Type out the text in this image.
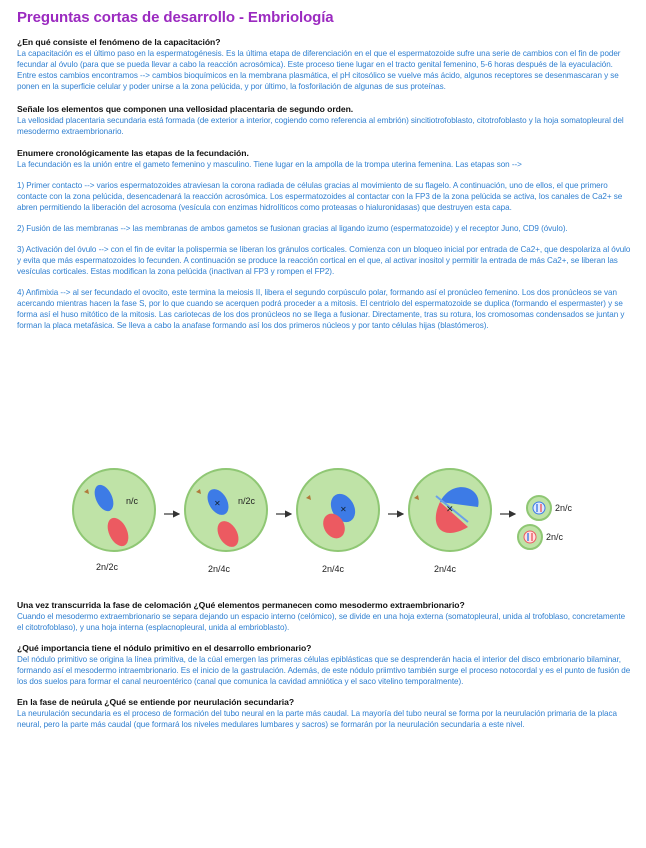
Preguntas cortas de desarrollo - Embriología

¿En qué consiste el fenómeno de la capacitación?

La capacitación es el último paso en la espermatogénesis. Es la última etapa de diferenciación en el que el espermatozoide sufre una serie de cambios con el fin de poder fecundar al óvulo (para que se pueda llevar a cabo la reacción acrosómica). Este proceso tiene lugar en el tracto genital femenino, 5-6 horas después de la eyaculación. Entre estos cambios encontramos --> cambios bioquímicos en la membrana plasmática, el pH citosólico se vuelve más ácido, algunos receptores se desenmascaran y se ponen en la superficie celular y poder unirse a la zona pelúcida, y por último, la fosforilación de algunas de sus proteínas.

Señale los elementos que componen una vellosidad placentaria de segundo orden.

La vellosidad placentaria secundaria está formada (de exterior a interior, cogiendo como referencia al embrión) sincitiotrofoblasto, citotrofoblasto y la hoja somatopleural del mesodermo extraembrionario.

Enumere cronológicamente las etapas de la fecundación.

La fecundación es la unión entre el gameto femenino y masculino. Tiene lugar en la ampolla de la trompa uterina femenina. Las etapas son -->

1) Primer contacto --> varios espermatozoides atraviesan la corona radiada de células gracias al movimiento de su flagelo. A continuación, uno de ellos, el que primero contacte con la zona pelúcida, desencadenará la reacción acrosómica. Los espermatozoides al contactar con la FP3 de la zona pelúcida se activa, los canales de Ca2+ se abren permitiendo la liberación del acrosoma (vesícula con enzimas hidrolíticos como proteasas o hialuronidasas) que destruyen esta capa.

2) Fusión de las membranas --> las membranas de ambos gametos se fusionan gracias al ligando izumo (espermatozoide) y el receptor Juno, CD9 (óvulo).

3) Activación del óvulo --> con el fin de evitar la polispermia se liberan los gránulos corticales. Comienza con un bloqueo inicial por entrada de Ca2+, que despolariza al óvulo y evita que más espermatozoides lo fecunden. A continuación se produce la reacción cortical en el que, al activar inositol y permitir la entrada de más Ca2+, se liberan las vesículas corticales. Estas modifican la zona pelúcida (inactivan al FP3 y rompen el FP2).

4) Anfimixia --> al ser fecundado el ovocito, este termina la meiosis II, libera el segundo corpúsculo polar, formando así el pronúcleo femenino. Los dos pronúcleos se van acercando mientras hacen la fase S, por lo que cuando se acerquen podrá proceder a a mitosis. El centriolo del espermatozoide se duplica (formando el espermaster) y se forma así el huso mitótico de la mitosis. Las cariotecas de los dos pronúcleos no se llega a fusionar. Directamente, tras su rotura, los cromosomas condensados se juntan y forman la placa metafásica. Se lleva a cabo la anafase formando así los dos primeros núcleos y por tanto células hijas (blastómeros).

n/c
2n/2c
✕ n/2c
2n/4c
✕
2n/4c
✕
2n/4c
2n/c
2n/c

Una vez transcurrida la fase de celomación ¿Qué elementos permanecen como mesodermo extraembrionario?

Cuando el mesodermo extraembrionario se separa dejando un espacio interno (celómico), se divide en una hoja externa (somatopleural, unida al trofoblaso, concretamente el citotrofoblaso), y una hoja interna (esplacnopleural, unida al embrioblasto).

¿Qué importancia tiene el nódulo primitivo en el desarrollo embrionario?

Del nódulo primitivo se origina la línea primitiva, de la cúal emergen las primeras células epiblásticas que se desprenderán hacia el interior del disco embrionario bilaminar, formando así el mesodermo intraembrionario. Es el inicio de la gastrulación. Además, de este nódulo priimtivo también surge el proceso notocordal y es el punto de fusión de los dos suelos para formar el canal neuroentérico (canal que comunica la cavidad amniótica y el saco vitelino temporalmente).

En la fase de neúrula ¿Qué se entiende por neurulación secundaria?

La neurulación secundaria es el proceso de formación del tubo neural en la parte más caudal. La mayoría del tubo neural se forma por la neurulación primaria de la placa neural, pero la parte más caudal (que formará los niveles medulares lumbares y sacros) se formarán por la neurulación secundaria a este nivel.
